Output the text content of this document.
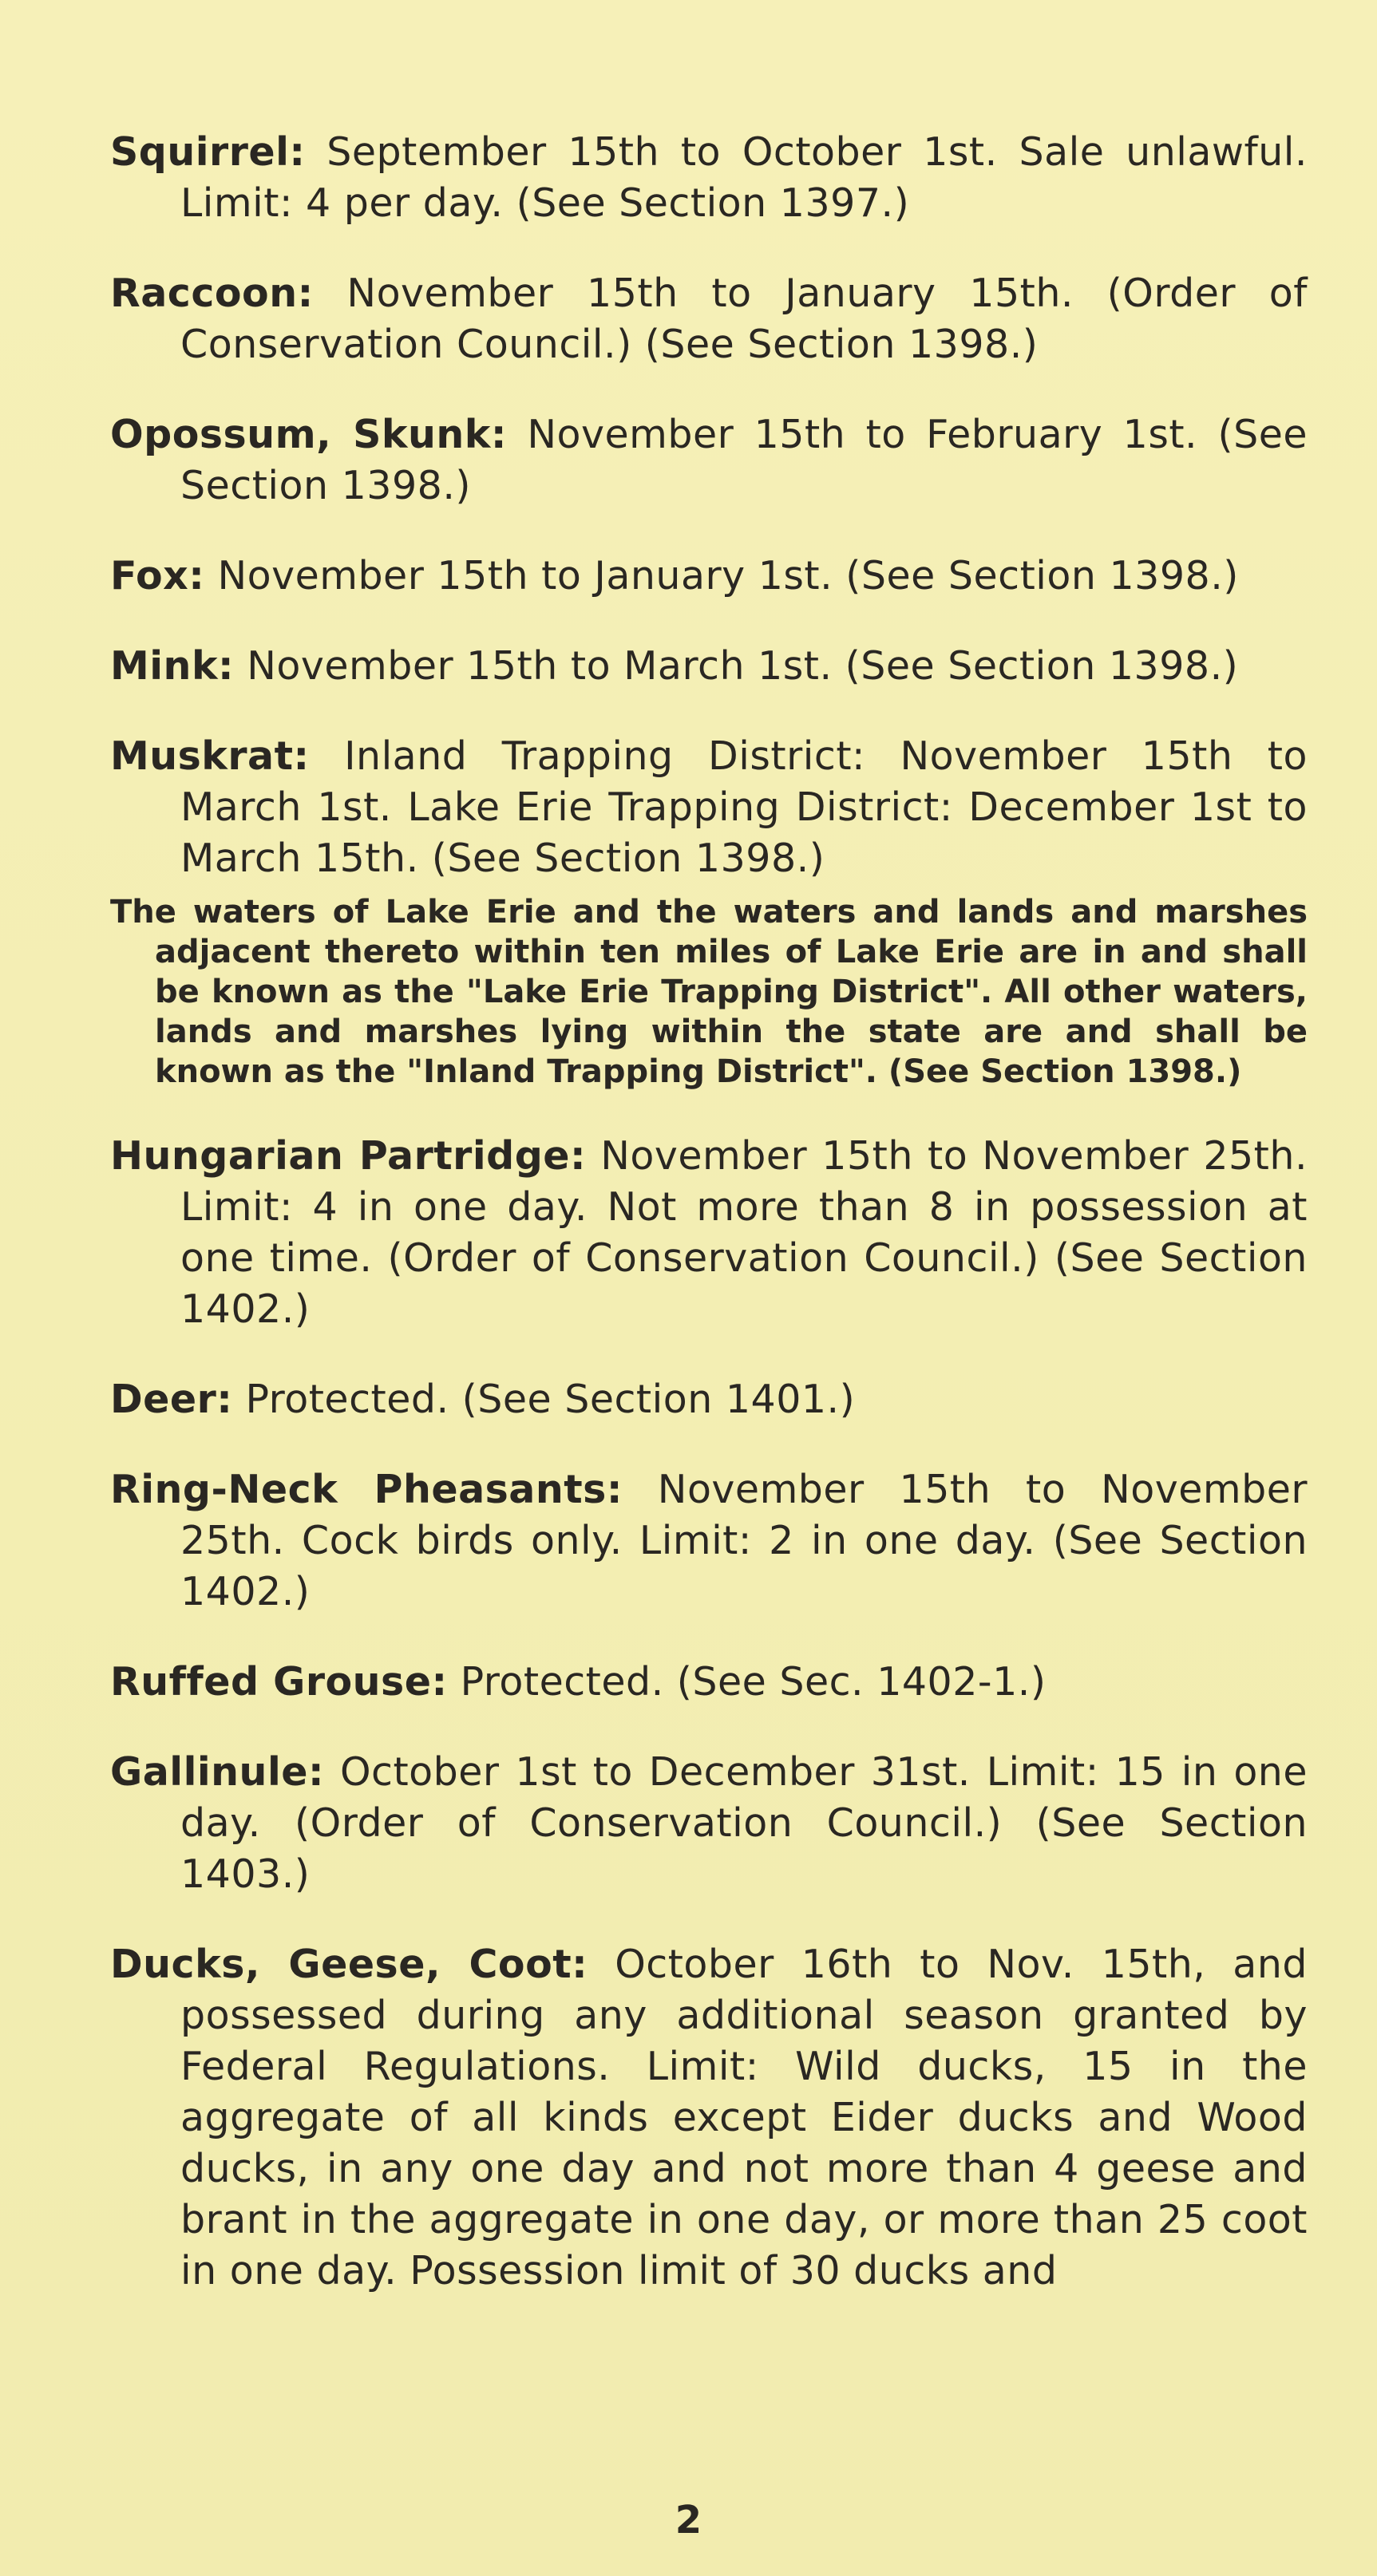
Squirrel: September 15th to October 1st. Sale unlawful. Limit: 4 per day. (See Section 1397.)

Raccoon: November 15th to January 15th. (Order of Conservation Council.) (See Section 1398.)

Opossum, Skunk: November 15th to February 1st. (See Section 1398.)

Fox: November 15th to January 1st. (See Section 1398.)

Mink: November 15th to March 1st. (See Section 1398.)

Muskrat: Inland Trapping District: November 15th to March 1st. Lake Erie Trapping District: December 1st to March 15th. (See Section 1398.)

The waters of Lake Erie and the waters and lands and marshes adjacent thereto within ten miles of Lake Erie are in and shall be known as the "Lake Erie Trapping District". All other waters, lands and marshes lying within the state are and shall be known as the "Inland Trapping District". (See Section 1398.)

Hungarian Partridge: November 15th to November 25th. Limit: 4 in one day. Not more than 8 in possession at one time. (Order of Conservation Council.) (See Section 1402.)

Deer: Protected. (See Section 1401.)

Ring-Neck Pheasants: November 15th to November 25th. Cock birds only. Limit: 2 in one day. (See Section 1402.)

Ruffed Grouse: Protected. (See Sec. 1402-1.)

Gallinule: October 1st to December 31st. Limit: 15 in one day. (Order of Conservation Council.) (See Section 1403.)

Ducks, Geese, Coot: October 16th to Nov. 15th, and possessed during any additional season granted by Federal Regulations. Limit: Wild ducks, 15 in the aggregate of all kinds except Eider ducks and Wood ducks, in any one day and not more than 4 geese and brant in the aggregate in one day, or more than 25 coot in one day. Possession limit of 30 ducks and

2
